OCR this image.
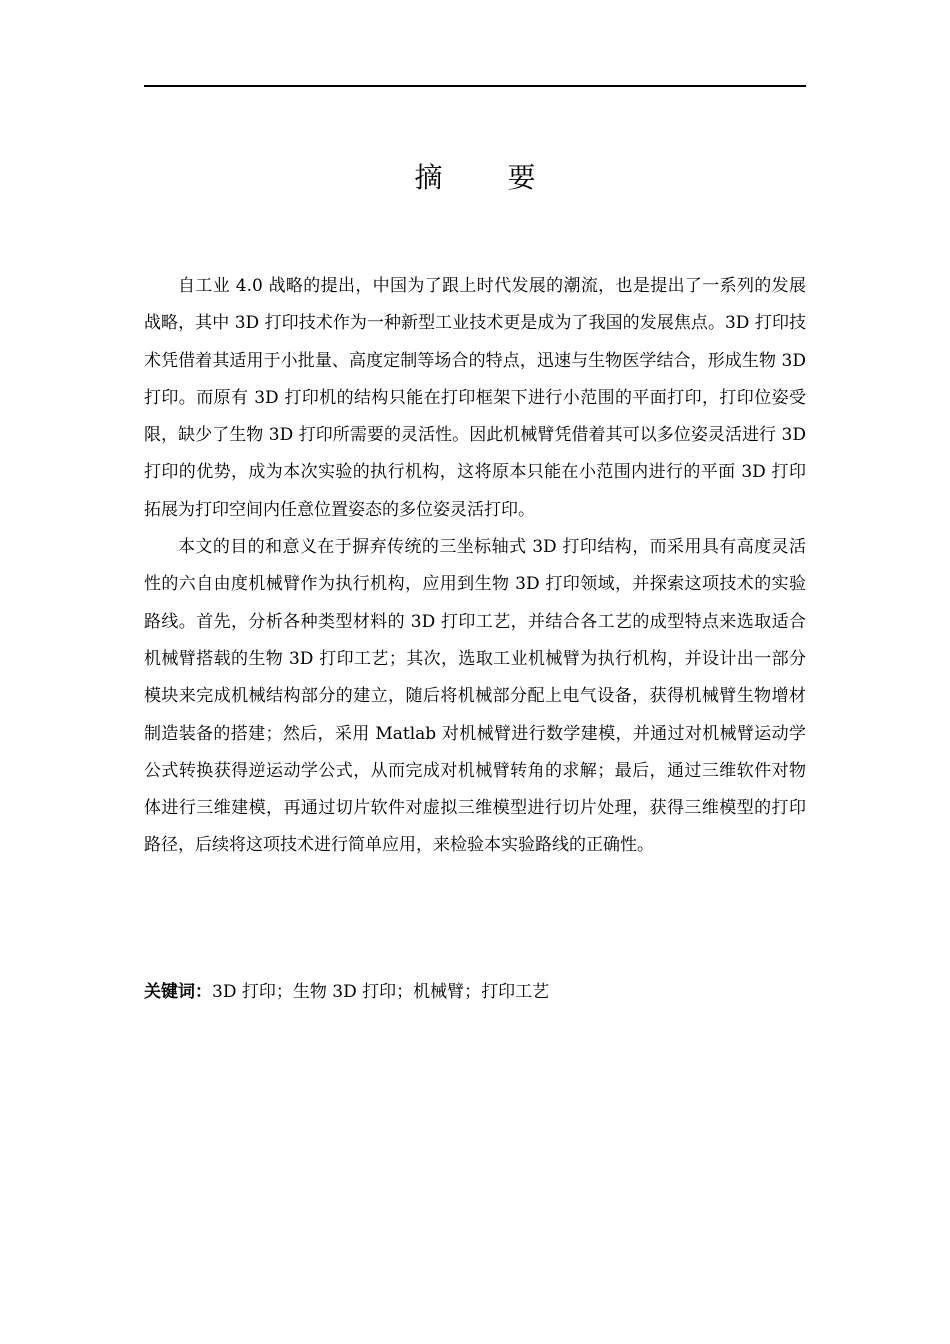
摘 要

自工业 4.0 战略的提出，中国为了跟上时代发展的潮流，也是提出了一系列的发展战略，其中 3D 打印技术作为一种新型工业技术更是成为了我国的发展焦点。3D 打印技术凭借着其适用于小批量、高度定制等场合的特点，迅速与生物医学结合，形成生物 3D 打印。而原有 3D 打印机的结构只能在打印框架下进行小范围的平面打印，打印位姿受限，缺少了生物 3D 打印所需要的灵活性。因此机械臂凭借着其可以多位姿灵活进行 3D 打印的优势，成为本次实验的执行机构，这将原本只能在小范围内进行的平面 3D 打印拓展为打印空间内任意位置姿态的多位姿灵活打印。

本文的目的和意义在于摒弃传统的三坐标轴式 3D 打印结构，而采用具有高度灵活性的六自由度机械臂作为执行机构，应用到生物 3D 打印领域，并探索这项技术的实验路线。首先，分析各种类型材料的 3D 打印工艺，并结合各工艺的成型特点来选取适合机械臂搭载的生物 3D 打印工艺；其次，选取工业机械臂为执行机构，并设计出一部分模块来完成机械结构部分的建立，随后将机械部分配上电气设备，获得机械臂生物增材制造装备的搭建；然后，采用 Matlab 对机械臂进行数学建模，并通过对机械臂运动学公式转换获得逆运动学公式，从而完成对机械臂转角的求解；最后，通过三维软件对物体进行三维建模，再通过切片软件对虚拟三维模型进行切片处理，获得三维模型的打印路径，后续将这项技术进行简单应用，来检验本实验路线的正确性。

关键词：3D 打印；生物 3D 打印；机械臂；打印工艺
